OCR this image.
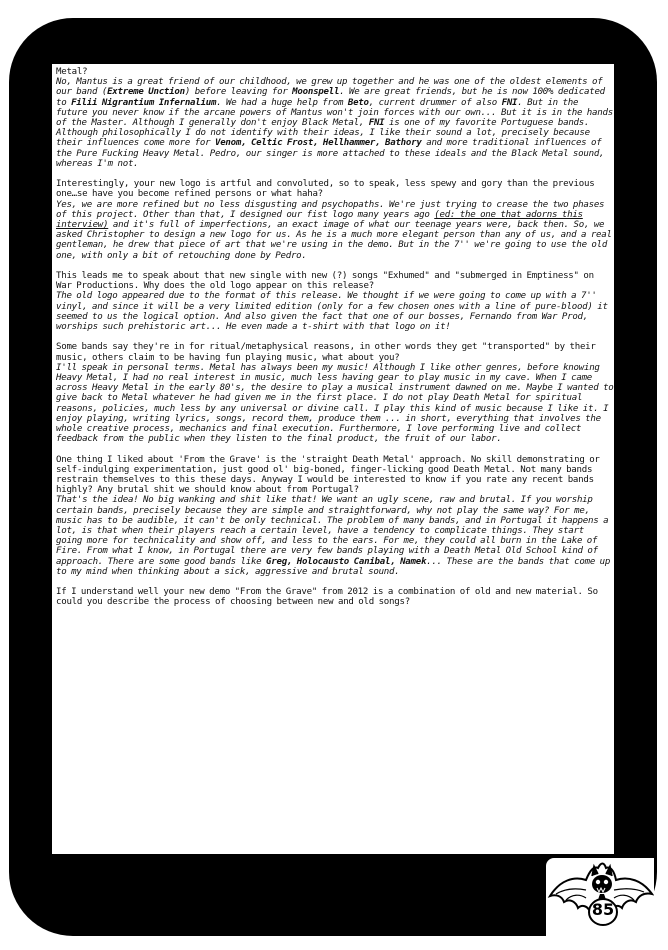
Metal?
No, Mantus is a great friend of our childhood, we grew up together and he was one of the oldest elements of our band (Extreme Unction) before leaving for Moonspell. We are great friends, but he is now 100% dedicated to Filii Nigrantium Infernalium. We had a huge help from Beto, current drummer of also FNI. But in the future you never know if the arcane powers of Mantus won't join forces with our own... But it is in the hands of the Master. Although I generally don't enjoy Black Metal, FNI is one of my favorite Portuguese bands. Although philosophically I do not identify with their ideas, I like their sound a lot, precisely because their influences come more for Venom, Celtic Frost, Hellhammer, Bathory and more traditional influences of the Pure Fucking Heavy Metal. Pedro, our singer is more attached to these ideals and the Black Metal sound, whereas I'm not.

Interestingly, your new logo is artful and convoluted, so to speak, less spewy and gory than the previous one…se have you become refined persons or what haha?
Yes, we are more refined but no less disgusting and psychopaths. We're just trying to crease the two phases of this project. Other than that, I designed our fist logo many years ago (ed: the one that adorns this interview) and it's full of imperfections, an exact image of what our teenage years were, back then. So, we asked Christopher to design a new logo for us. As he is a much more elegant person than any of us, and a real gentleman, he drew that piece of art that we're using in the demo. But in the 7'' we're going to use the old one, with only a bit of retouching done by Pedro.

This leads me to speak about that new single with new (?) songs "Exhumed" and "submerged in Emptiness" on War Productions. Why does the old logo appear on this release?
The old logo appeared due to the format of this release. We thought if we were going to come up with a 7'' vinyl, and since it will be a very limited edition (only for a few chosen ones with a line of pure-blood) it seemed to us the logical option. And also given the fact that one of our bosses, Fernando from War Prod, worships such prehistoric art... He even made a t-shirt with that logo on it!

Some bands say they're in for ritual/metaphysical reasons, in other words they get "transported" by their music, others claim to be having fun playing music, what about you?
I'll speak in personal terms. Metal has always been my music! Although I like other genres, before knowing Heavy Metal, I had no real interest in music, much less having gear to play music in my cave. When I came across Heavy Metal in the early 80's, the desire to play a musical instrument dawned on me. Maybe I wanted to give back to Metal whatever he had given me in the first place. I do not play Death Metal for spiritual reasons, policies, much less by any universal or divine call. I play this kind of music because I like it. I enjoy playing, writing lyrics, songs, record them, produce them ... in short, everything that involves the whole creative process, mechanics and final execution. Furthermore, I love performing live and collect feedback from the public when they listen to the final product, the fruit of our labor.

One thing I liked about 'From the Grave' is the 'straight Death Metal' approach. No skill demonstrating or self-indulging experimentation, just good ol' big-boned, finger-licking good Death Metal. Not many bands restrain themselves to this these days. Anyway I would be interested to know if you rate any recent bands highly? Any brutal shit we should know about from Portugal?
That's the idea! No big wanking and shit like that! We want an ugly scene, raw and brutal. If you worship certain bands, precisely because they are simple and straightforward, why not play the same way? For me, music has to be audible, it can't be only technical. The problem of many bands, and in Portugal it happens a lot, is that when their players reach a certain level, have a tendency to complicate things. They start going more for technicality and show off, and less to the ears. For me, they could all burn in the Lake of Fire. From what I know, in Portugal there are very few bands playing with a Death Metal Old School kind of approach. There are some good bands like Greg, Holocausto Canibal, Namek... These are the bands that come up to my mind when thinking about a sick, aggressive and brutal sound.

If I understand well your new demo "From the Grave" from 2012 is a combination of old and new material. So could you describe the process of choosing between new and old songs?

85
